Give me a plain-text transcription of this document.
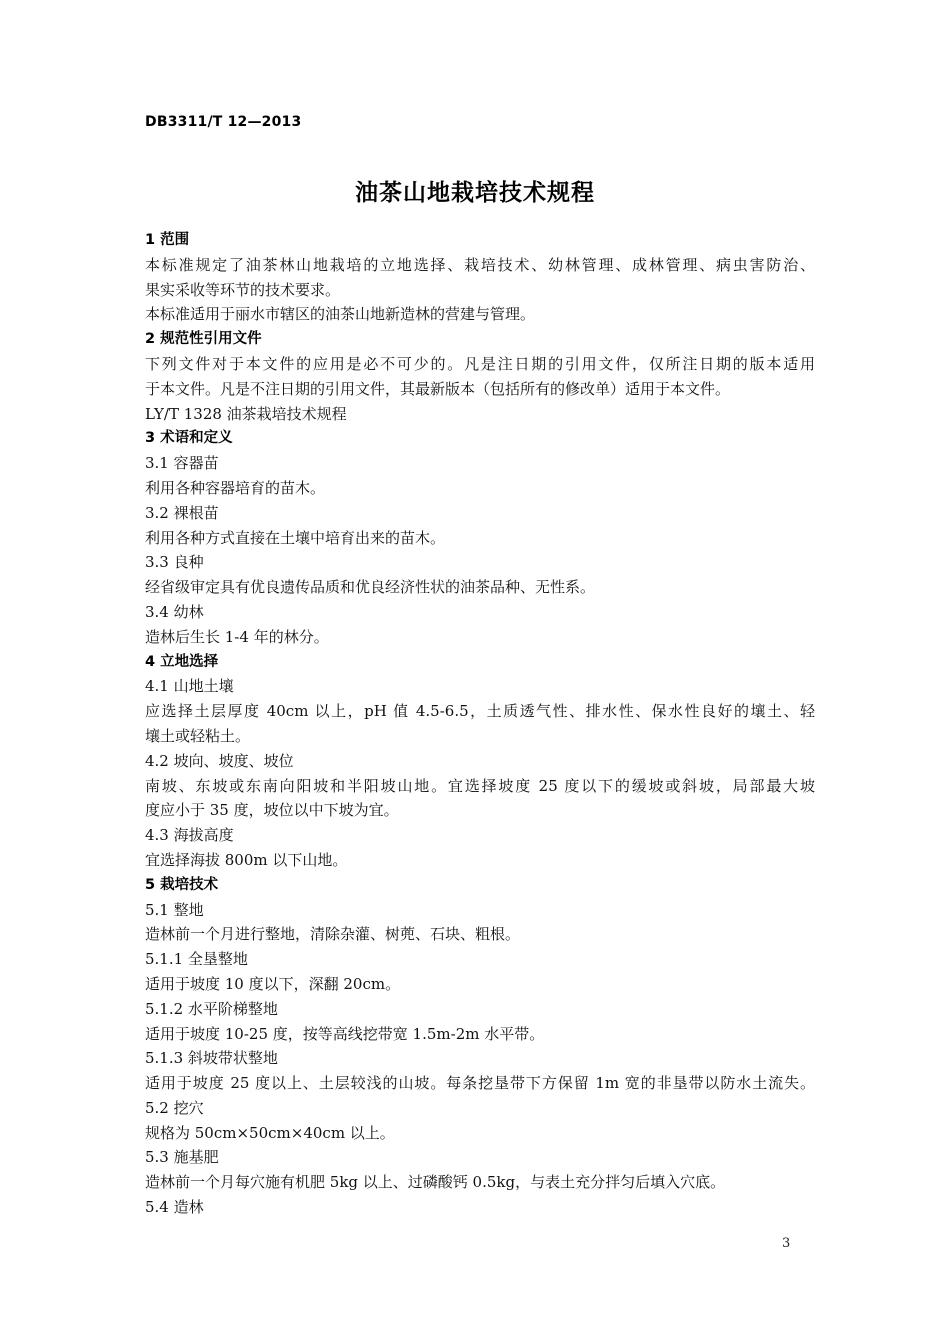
DB3311/T 12—2013
油茶山地栽培技术规程
1 范围
本标准规定了油茶林山地栽培的立地选择、栽培技术、幼林管理、成林管理、病虫害防治、
果实采收等环节的技术要求。
本标准适用于丽水市辖区的油茶山地新造林的营建与管理。
2 规范性引用文件
下列文件对于本文件的应用是必不可少的。凡是注日期的引用文件，仅所注日期的版本适用
于本文件。凡是不注日期的引用文件，其最新版本（包括所有的修改单）适用于本文件。
LY/T 1328 油茶栽培技术规程
3 术语和定义
3.1 容器苗
利用各种容器培育的苗木。
3.2 裸根苗
利用各种方式直接在土壤中培育出来的苗木。
3.3 良种
经省级审定具有优良遗传品质和优良经济性状的油茶品种、无性系。
3.4 幼林
造林后生长 1-4 年的林分。
4 立地选择
4.1 山地土壤
应选择土层厚度 40cm 以上，pH 值 4.5-6.5，土质透气性、排水性、保水性良好的壤土、轻
壤土或轻粘土。
4.2 坡向、坡度、坡位
南坡、东坡或东南向阳坡和半阳坡山地。宜选择坡度 25 度以下的缓坡或斜坡，局部最大坡
度应小于 35 度，坡位以中下坡为宜。
4.3 海拔高度
宜选择海拔 800m 以下山地。
5 栽培技术
5.1 整地
造林前一个月进行整地，清除杂灌、树蔸、石块、粗根。
5.1.1 全垦整地
适用于坡度 10 度以下，深翻 20cm。
5.1.2 水平阶梯整地
适用于坡度 10-25 度，按等高线挖带宽 1.5m-2m 水平带。
5.1.3 斜坡带状整地
适用于坡度 25 度以上、土层较浅的山坡。每条挖垦带下方保留 1m 宽的非垦带以防水土流失。
5.2 挖穴
规格为 50cm×50cm×40cm 以上。
5.3 施基肥
造林前一个月每穴施有机肥 5kg 以上、过磷酸钙 0.5kg，与表土充分拌匀后填入穴底。
5.4 造林
3
